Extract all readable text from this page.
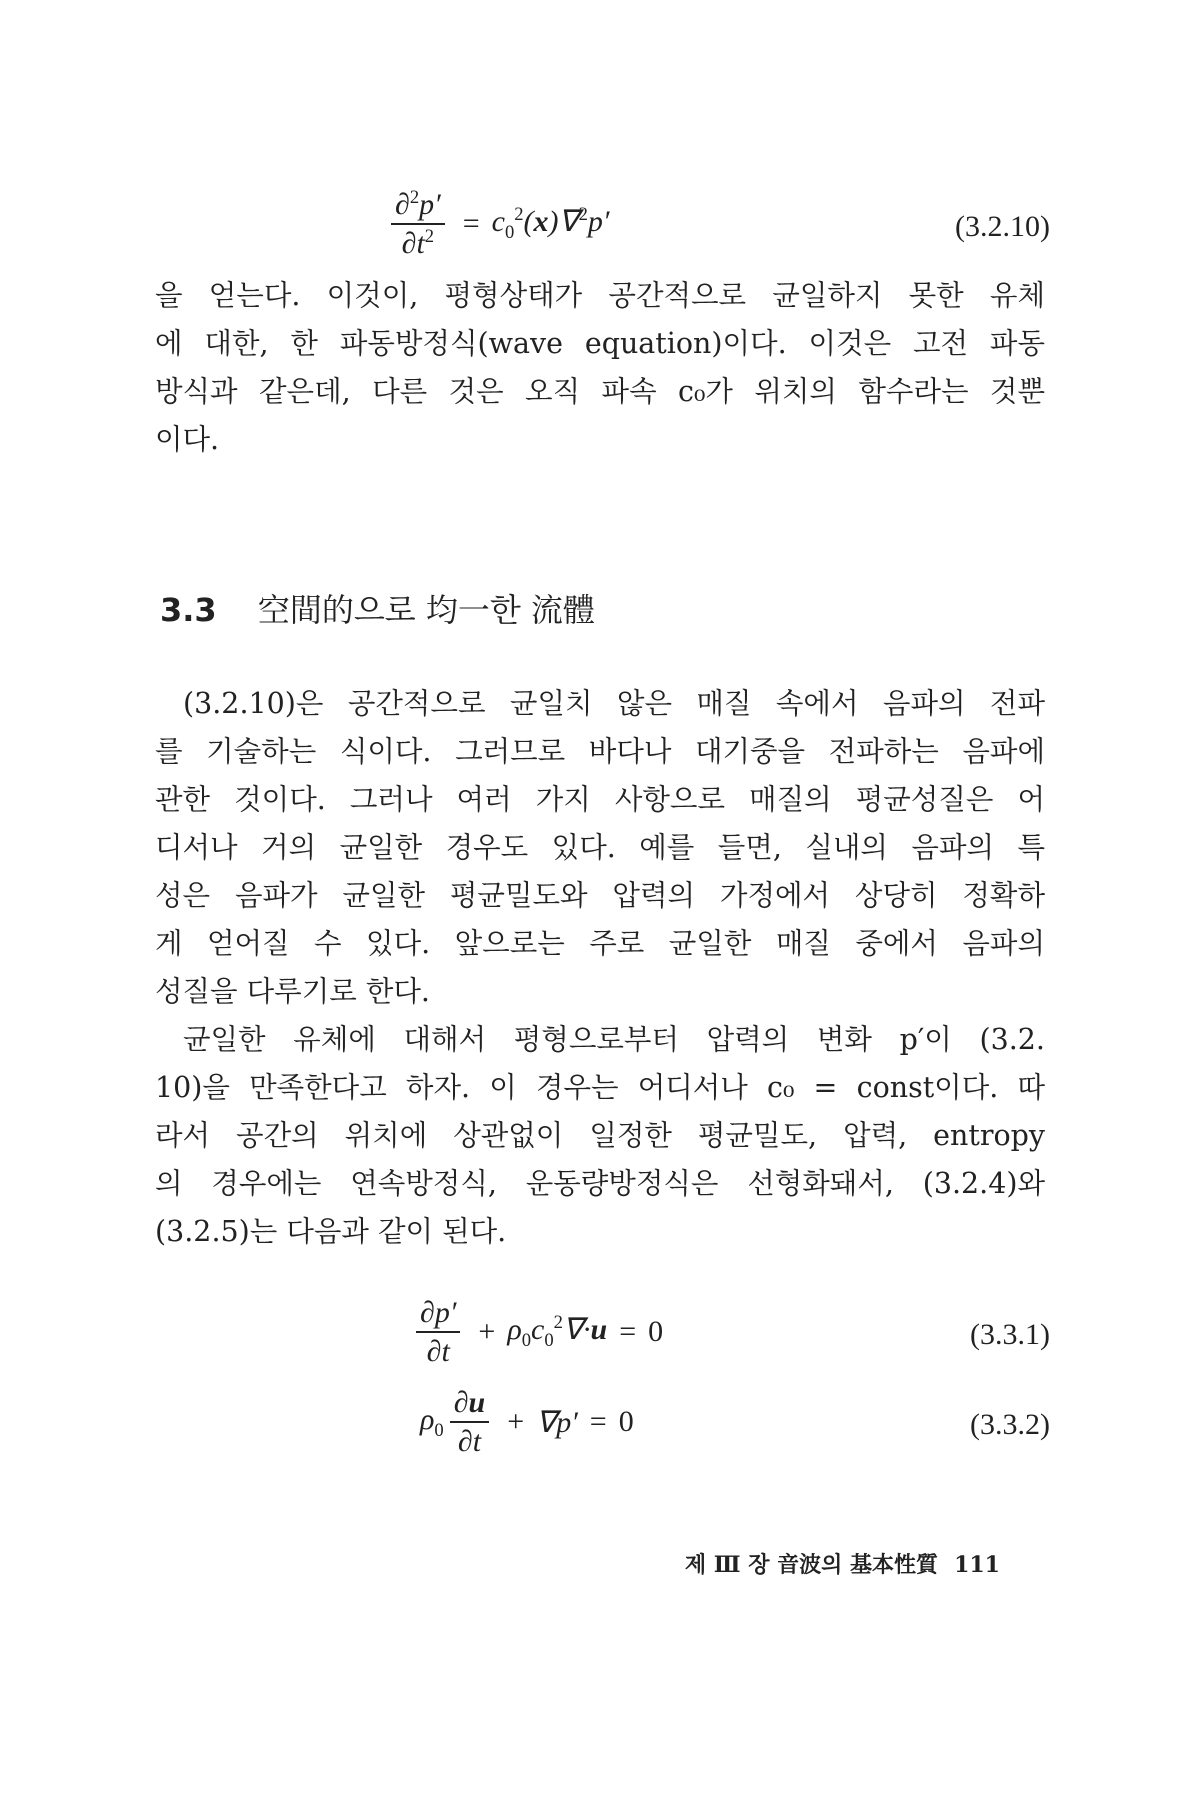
$\frac{\partial^2p'}{\partial t^2} = c_0^2(x)\nabla^2p'$	(3.2.10)
을 얻는다. 이것이, 평형상태가 공간적으로 균일하지 못한 유체
에 대한, 한 파동방정식(wave equation)이다. 이것은 고전 파동
방식과 같은데, 다른 것은 오직 파속 c₀가 위치의 함수라는 것뿐
이다.
3.3 空間的으로 均一한 流體
(3.2.10)은 공간적으로 균일치 않은 매질 속에서 음파의 전파
를 기술하는 식이다. 그러므로 바다나 대기중을 전파하는 음파에
관한 것이다. 그러나 여러 가지 사항으로 매질의 평균성질은 어
디서나 거의 균일한 경우도 있다. 예를 들면, 실내의 음파의 특
성은 음파가 균일한 평균밀도와 압력의 가정에서 상당히 정확하
게 얻어질 수 있다. 앞으로는 주로 균일한 매질 중에서 음파의
성질을 다루기로 한다.
균일한 유체에 대해서 평형으로부터 압력의 변화 p′이 (3.2.
10)을 만족한다고 하자. 이 경우는 어디서나 c₀ = const이다. 따
라서 공간의 위치에 상관없이 일정한 평균밀도, 압력, entropy
의 경우에는 연속방정식, 운동량방정식은 선형화돼서, (3.2.4)와
(3.2.5)는 다음과 같이 된다.
$\frac{\partial p'}{\partial t} + \rho_0c_0^2\nabla\cdot u = 0$	(3.3.1)
$\rho_0 \frac{\partial u}{\partial t} + \nabla p' = 0$	(3.3.2)
제 Ⅲ 장 音波의 基本性質 111
